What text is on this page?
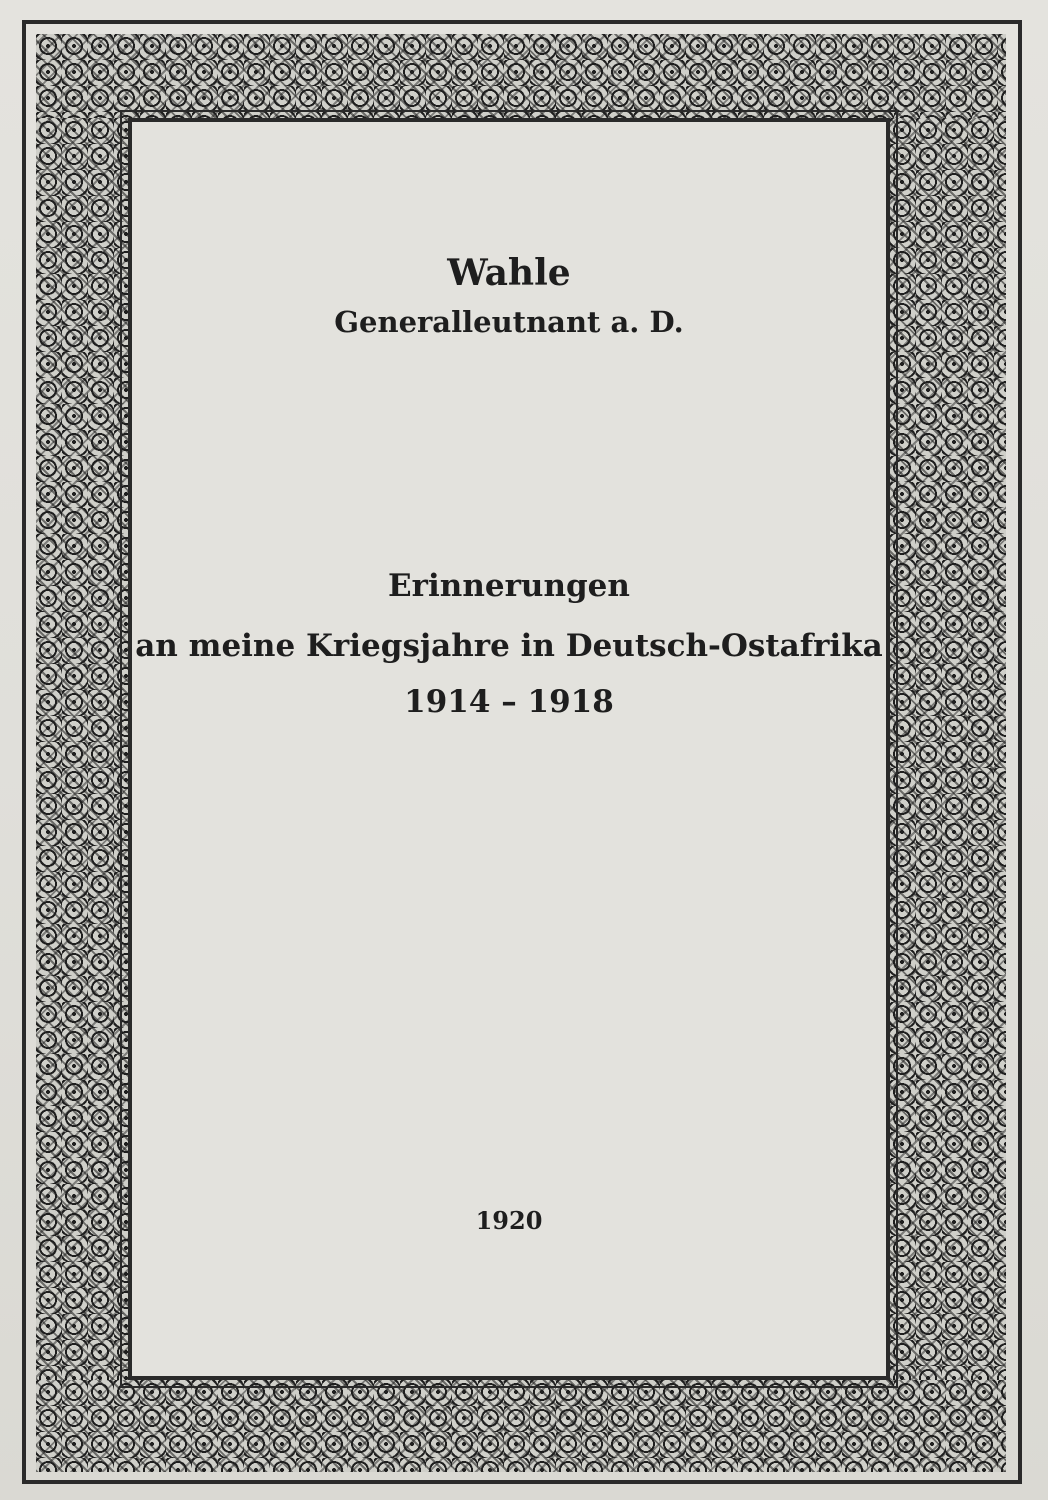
Wahle
Generalleutnant a. D.
Erinnerungen
an meine Kriegsjahre in Deutsch-Ostafrika
1914 – 1918
1920
